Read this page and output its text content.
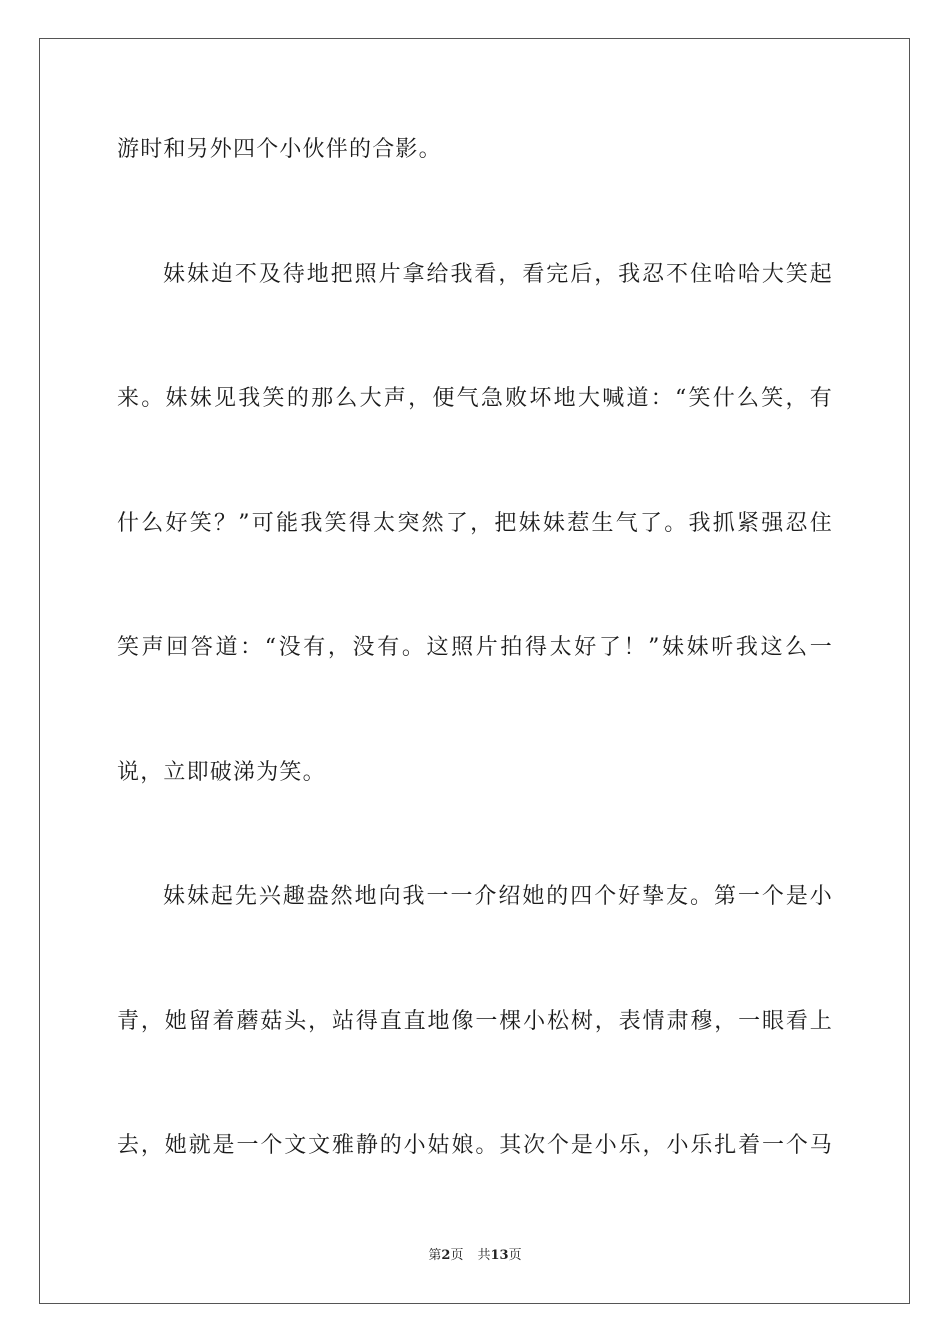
游时和另外四个小伙伴的合影。
妹妹迫不及待地把照片拿给我看，看完后，我忍不住哈哈大笑起
来。妹妹见我笑的那么大声，便气急败坏地大喊道：“笑什么笑，有
什么好笑？”可能我笑得太突然了，把妹妹惹生气了。我抓紧强忍住
笑声回答道：“没有，没有。这照片拍得太好了！”妹妹听我这么一
说，立即破涕为笑。
妹妹起先兴趣盎然地向我一一介绍她的四个好挚友。第一个是小
青，她留着蘑菇头，站得直直地像一棵小松树，表情肃穆，一眼看上
去，她就是一个文文雅静的小姑娘。其次个是小乐，小乐扎着一个马
第2页 共13页
